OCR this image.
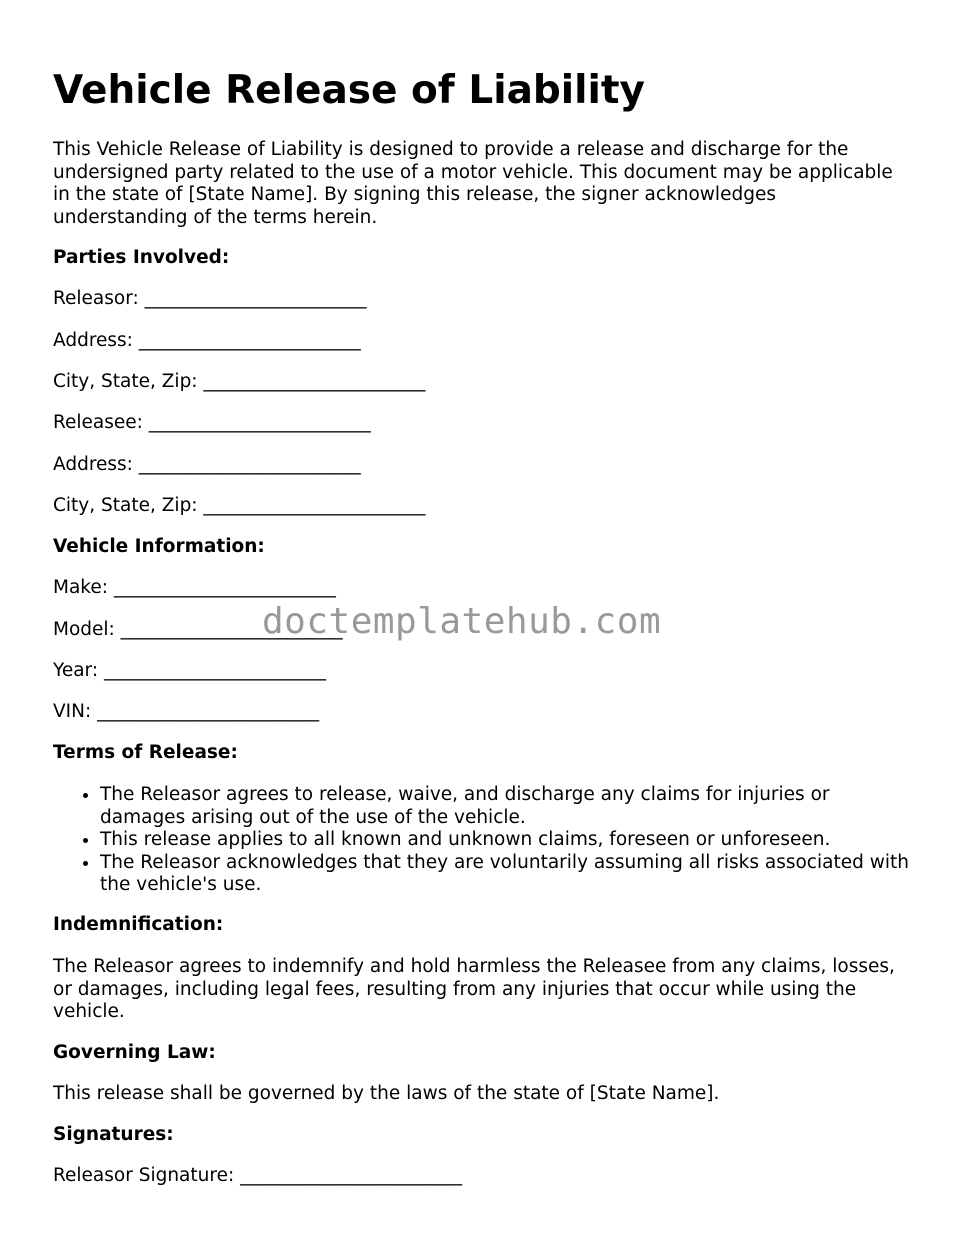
Vehicle Release of Liability

This Vehicle Release of Liability is designed to provide a release and discharge for the undersigned party related to the use of a motor vehicle. This document may be applicable in the state of [State Name]. By signing this release, the signer acknowledges understanding of the terms herein.

Parties Involved:

Releasor: ________________________

Address: ________________________

City, State, Zip: ________________________

Releasee: ________________________

Address: ________________________

City, State, Zip: ________________________

Vehicle Information:

Make: ________________________

Model: ________________________

Year: ________________________

VIN: ________________________

Terms of Release:

• The Releasor agrees to release, waive, and discharge any claims for injuries or damages arising out of the use of the vehicle.
• This release applies to all known and unknown claims, foreseen or unforeseen.
• The Releasor acknowledges that they are voluntarily assuming all risks associated with the vehicle's use.

Indemnification:

The Releasor agrees to indemnify and hold harmless the Releasee from any claims, losses, or damages, including legal fees, resulting from any injuries that occur while using the vehicle.

Governing Law:

This release shall be governed by the laws of the state of [State Name].

Signatures:

Releasor Signature: ________________________

doctemplatehub.com
